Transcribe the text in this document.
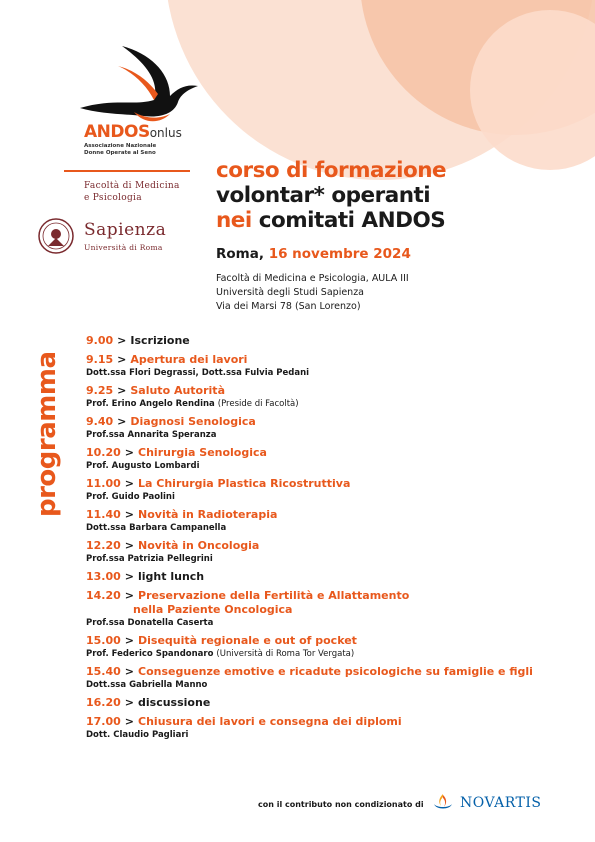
ANDOSonlus
Associazione Nazionale
Donne Operate al Seno
Facoltà di Medicina
e Psicologia
Sapienza
Università di Roma
corso di formazione
volontar* operanti
nei comitati ANDOS
Roma, 16 novembre 2024
Facoltà di Medicina e Psicologia, AULA III
Università degli Studi Sapienza
Via dei Marsi 78 (San Lorenzo)
programma
9.00 > Iscrizione
9.15 > Apertura dei lavori
Dott.ssa Flori Degrassi, Dott.ssa Fulvia Pedani
9.25 > Saluto Autorità
Prof. Erino Angelo Rendina (Preside di Facoltà)
9.40 > Diagnosi Senologica
Prof.ssa Annarita Speranza
10.20 > Chirurgia Senologica
Prof. Augusto Lombardi
11.00 > La Chirurgia Plastica Ricostruttiva
Prof. Guido Paolini
11.40 > Novità in Radioterapia
Dott.ssa Barbara Campanella
12.20 > Novità in Oncologia
Prof.ssa Patrizia Pellegrini
13.00 > light lunch
14.20 > Preservazione della Fertilità e Allattamento
nella Paziente Oncologica
Prof.ssa Donatella Caserta
15.00 > Disequità regionale e out of pocket
Prof. Federico Spandonaro (Università di Roma Tor Vergata)
15.40 > Conseguenze emotive e ricadute psicologiche su famiglie e figli
Dott.ssa Gabriella Manno
16.20 > discussione
17.00 > Chiusura dei lavori e consegna dei diplomi
Dott. Claudio Pagliari
con il contributo non condizionato di	NOVARTIS
